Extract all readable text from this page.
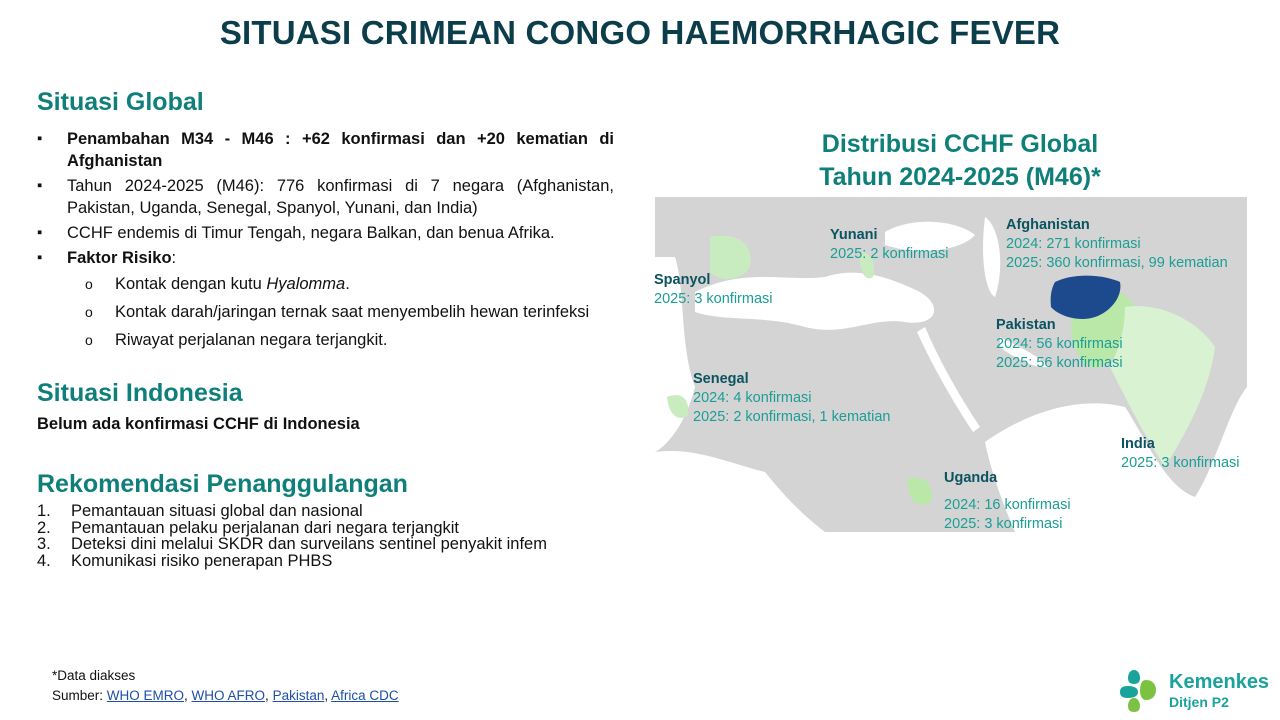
SITUASI CRIMEAN CONGO HAEMORRHAGIC FEVER
Situasi Global
▪ Penambahan M34 - M46 : +62 konfirmasi dan +20 kematian di Afghanistan
▪ Tahun 2024-2025 (M46): 776 konfirmasi di 7 negara (Afghanistan, Pakistan, Uganda, Senegal, Spanyol, Yunani, dan India)
▪ CCHF endemis di Timur Tengah, negara Balkan, dan benua Afrika.
▪ Faktor Risiko:
o Kontak dengan kutu Hyalomma.
o Kontak darah/jaringan ternak saat menyembelih hewan terinfeksi
o Riwayat perjalanan negara terjangkit.
Situasi Indonesia
Belum ada konfirmasi CCHF di Indonesia
Rekomendasi Penanggulangan
1. Pemantauan situasi global dan nasional
2. Pemantauan pelaku perjalanan dari negara terjangkit
3. Deteksi dini melalui SKDR dan surveilans sentinel penyakit infem
4. Komunikasi risiko penerapan PHBS
Distribusi CCHF Global
Tahun 2024-2025 (M46)*
Yunani
2025: 2 konfirmasi
Afghanistan
2024: 271 konfirmasi
2025: 360 konfirmasi, 99 kematian
Spanyol
2025: 3 konfirmasi
Pakistan
2024: 56 konfirmasi
2025: 56 konfirmasi
Senegal
2024: 4 konfirmasi
2025: 2 konfirmasi, 1 kematian
India
2025: 3 konfirmasi
Uganda
2024: 16 konfirmasi
2025: 3 konfirmasi
*Data diakses
Sumber: WHO EMRO, WHO AFRO, Pakistan, Africa CDC
Kemenkes
Ditjen P2
